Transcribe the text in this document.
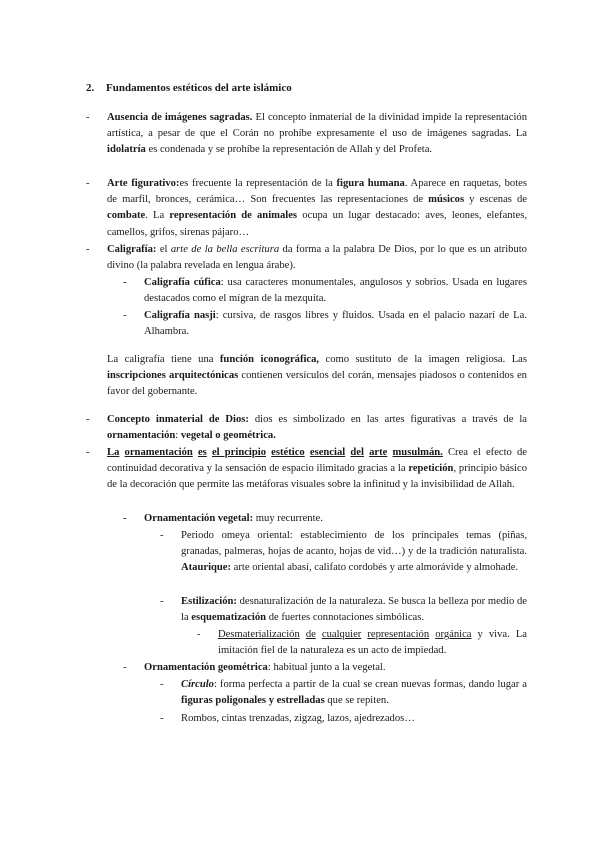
2. Fundamentos estéticos del arte islámico
- Ausencia de imágenes sagradas. El concepto inmaterial de la divinidad impide la representación artística, a pesar de que el Corán no prohíbe expresamente el uso de imágenes sagradas. La idolatría es condenada y se prohíbe la representación de Allah y del Profeta.
- Arte figurativo:es frecuente la representación de la figura humana. Aparece en raquetas, botes de marfil, bronces, cerámica… Son frecuentes las representaciones de músicos y escenas de combate. La representación de animales ocupa un lugar destacado: aves, leones, elefantes, camellos, grifos, sirenas pájaro…
- Caligrafía: el arte de la bella escritura da forma a la palabra De Dios, por lo que es un atributo divino (la palabra revelada en lengua árabe).
- Caligrafía cúfica: usa caracteres monumentales, angulosos y sobrios. Usada en lugares destacados como el mígran de la mezquita.
- Caligrafía nasji: cursiva, de rasgos libres y fluidos. Usada en el palacio nazarí de La. Alhambra.
La caligrafía tiene una función iconográfica, como sustituto de la imagen religiosa. Las inscripciones arquitectónicas contienen versículos del corán, mensajes piadosos o contenidos en favor del gobernante.
- Concepto inmaterial de Dios: dios es simbolizado en las artes figurativas a través de la ornamentación: vegetal o geométrica.
- La ornamentación es el principio estético esencial del arte musulmán. Crea el efecto de continuidad decorativa y la sensación de espacio ilimitado gracias a la repetición, principio básico de la decoración que permite las metáforas visuales sobre la infinitud y la invisibilidad de Allah.
- Ornamentación vegetal: muy recurrente.
- Periodo omeya oriental: establecimiento de los principales temas (piñas, granadas, palmeras, hojas de acanto, hojas de vid…) y de la tradición naturalista. Ataurique: arte oriental abasí, califato cordobés y arte almorávide y almohade.
- Estilización: desnaturalización de la naturaleza. Se busca la belleza por medio de la esquematización de fuertes connotaciones simbólicas.
- Desmaterialización de cualquier representación orgánica y viva. La imitación fiel de la naturaleza es un acto de impiedad.
- Ornamentación geométrica: habitual junto a la vegetal.
- Círculo: forma perfecta a partir de la cual se crean nuevas formas, dando lugar a figuras poligonales y estrelladas que se repiten.
- Rombos, cintas trenzadas, zigzag, lazos, ajedrezados…
